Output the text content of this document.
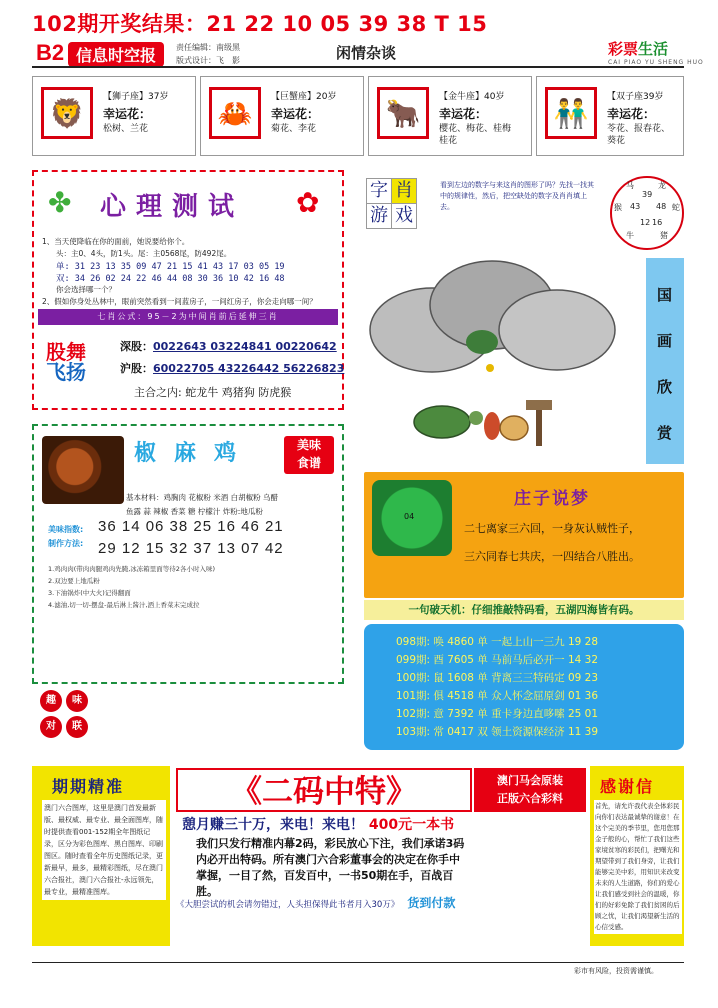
102期开奖结果：21 22 10 05 39 38 T 15
B2 信息时空报	责任编辑：南级黑
版式设计：飞　影	闲情杂谈	彩票生活
CAI PIAO YU SHENG HUO
🦁	【狮子座】37岁
幸运花：
松树、兰花	🦀	【巨蟹座】20岁
幸运花：
菊花、李花	🐂	【金牛座】40岁
幸运花：
樱花、梅花、桂梅桂花
👬	【双子座39岁
幸运花：
苓花、报春花、葵花
✤	✿
心理测试
1、当天使降临在你的面前，她说要给你个。
头：主0、4头，防1头。尾：主0568尾，防492尾。
单: 31 23 13 35 09 47 21 15 41 43 17 03 05 19
双: 34 26 02 24 22 46 44 08 30 36 10 42 16 48
你会选择哪一个？
2、假如你身处丛林中，眼前突然看到一间蓝房子，一间红房子，你会走向哪一间？
七肖公式：95－2为中间肖前后延伸三肖
股舞
飞扬
深股：0022643 03224841 00220642
沪股：60022705 43226442 56226823
主合之内: 蛇龙牛 鸡猪狗 防虎猴
椒麻鸡	美味
食谱
基本材料：鸡胸肉 花椒粉 米酒 白胡椒粉 乌醋
鱼露 蒜 辣椒 香菜 糖 柠檬汁 炸粉:地瓜粉
美味指数: 36 14 06 38 25 16 46 21
制作方法: 29 12 15 32 37 13 07 42
1.鸡肉肉(带肉肉腿鸡肉先腌,冰冻箱里面等待2各小时入味)
2.双边要上地瓜粉
3.下油锅炸(中大火)记得翻面
4.滤油,切一切-摆盘-最后淋上酱汁,洒上香菜末完成拉
趣 味
对 联
字 肖
游 戏
看到左边的数字与来这肖的图形了吗？先找一找其中的规律性，然后，把空缺处的数字及肖肖填上去。
马	龙
猴 43
16
蛇
12
牛	猪
39
48
国
画
欣
赏
04
庄子说梦
二七离家三六回，一身灰认贼性子，
三六同春七共庆，一四结合八胜出。
一句破天机：仔细推敲特码看，五湖四海皆有码。
098期: 唤 4860 单 一起上山一三九 19 28
099期: 酉 7605 单 马前马后必开一 14 32
100期: 鼠 1608 单 背离三三特码定 09 23
101期: 俱 4518 单 众人怀念屈原剑 01 36
102期: 意 7392 单 重卡身边直哆嗦 25 01
103期: 常 0417 双 领土资源保经济 11 39
期期精准

澳门六合图库，这里是澳门首发最新版、最权威、最专业、最全面图库，随时提供查看001-152期全年图纸记录，区分为彩色图库、黑白图库、印刷图区。随时查看全年历史图纸记录，更新最早，最多，最精彩图纸，尽在澳门六合报社，澳门六合报社-永远领先，最专业，最精准图库。

《二码中特》	澳门马会原装
正版六合彩料
憩月赚三十万，来电！来电！ 400元一本书
我们只发行精准内幕2码，彩民放心下注，我们承诺3码内必开出特码。所有澳门六合彩董事会的决定在你手中掌握，一目了然，百发百中，一书50期在手，百战百胜。
《大胆尝试的机会请勿错过，人头担保得此书者月入30万》 货到付款
感谢信

首先，请允许我代表全体彩民向你们表达最诚挚的谢意！在这个完美的季节里，您用您那金子般的心，帮忙了我们这些家境贫寒的彩民们，把曙光和期望带到了我们身旁，让我们能够完美中彩，用知识来改变未来的人生道路，你们的爱心让我们感受到社会的温暖，你们的好彩免除了我们贫困的后顾之忧，让我们渴望新生活的心信受感。

彩市有风险，投资需谨慎。
